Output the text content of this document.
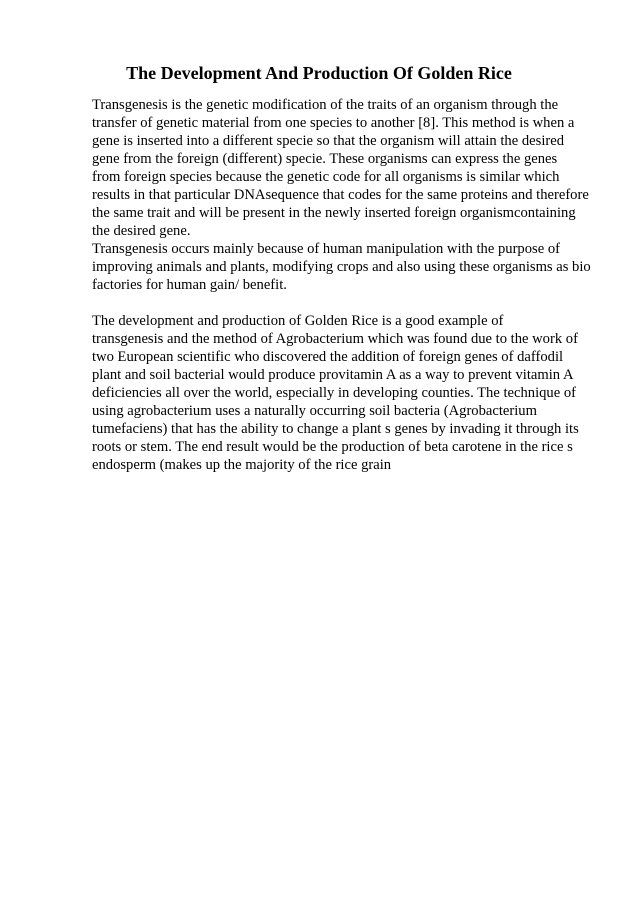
The Development And Production Of Golden Rice
Transgenesis is the genetic modification of the traits of an organism through the
transfer of genetic material from one species to another [8]. This method is when a
gene is inserted into a different specie so that the organism will attain the desired
gene from the foreign (different) specie. These organisms can express the genes
from foreign species because the genetic code for all organisms is similar which
results in that particular DNAsequence that codes for the same proteins and therefore
the same trait and will be present in the newly inserted foreign organismcontaining
the desired gene.
Transgenesis occurs mainly because of human manipulation with the purpose of
improving animals and plants, modifying crops and also using these organisms as bio
factories for human gain/ benefit.
The development and production of Golden Rice is a good example of
transgenesis and the method of Agrobacterium which was found due to the work of
two European scientific who discovered the addition of foreign genes of daffodil
plant and soil bacterial would produce provitamin A as a way to prevent vitamin A
deficiencies all over the world, especially in developing counties. The technique of
using agrobacterium uses a naturally occurring soil bacteria (Agrobacterium
tumefaciens) that has the ability to change a plant s genes by invading it through its
roots or stem. The end result would be the production of beta carotene in the rice s
endosperm (makes up the majority of the rice grain
